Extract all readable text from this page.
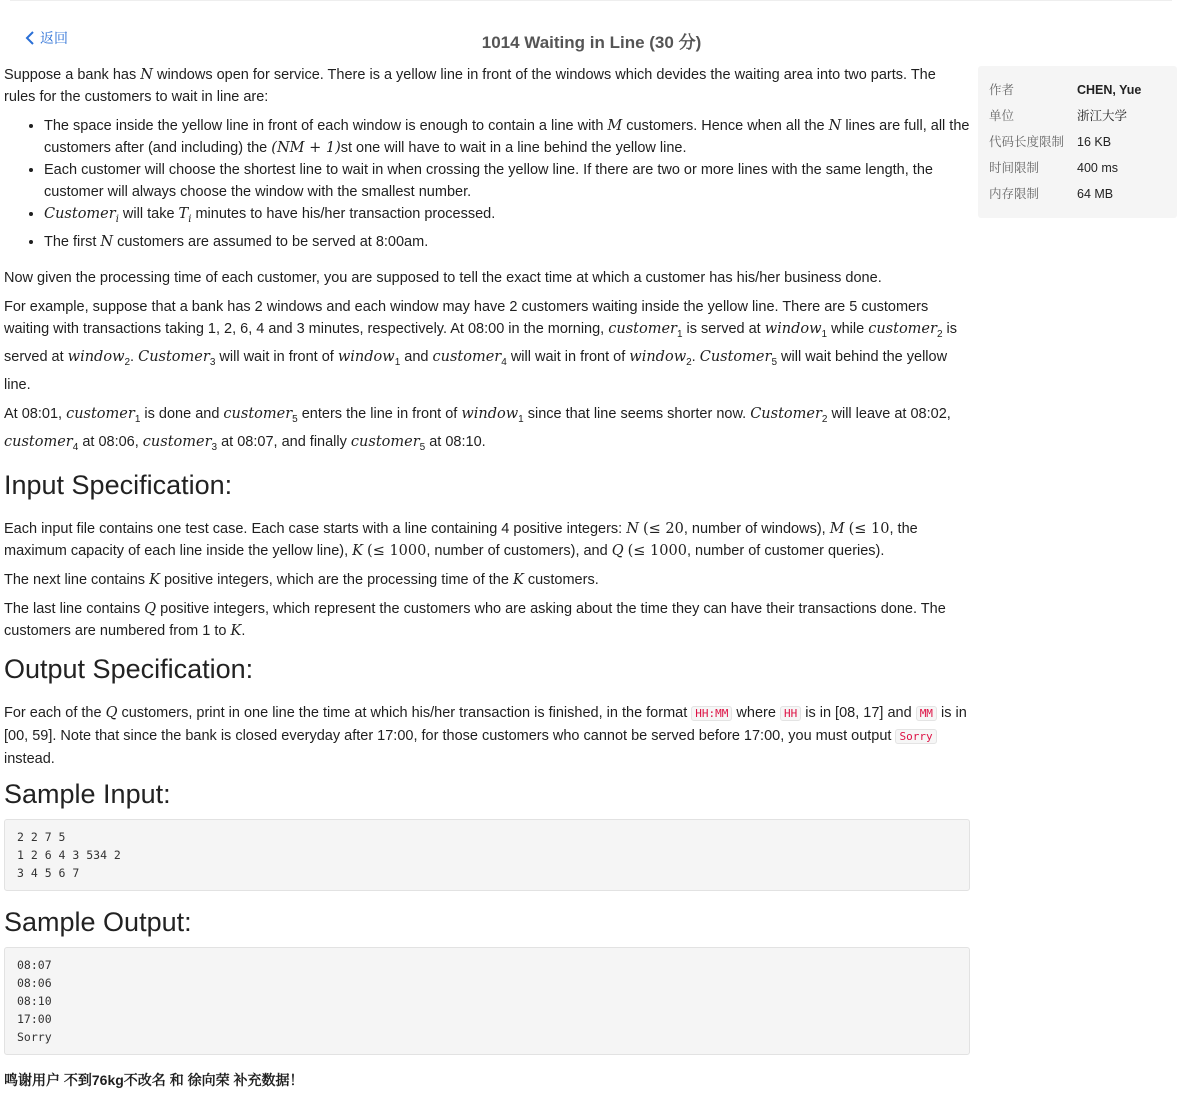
返回	1014 Waiting in Line (30 分)
作者	CHEN, Yue
单位	浙江大学
代码长度限制 16 KB
时间限制	400 ms
内存限制	64 MB

Suppose a bank has N windows open for service. There is a yellow line in front of the windows which devides the waiting area into two parts. The rules for the customers to wait in line are:

• The space inside the yellow line in front of each window is enough to contain a line with M customers. Hence when all the N lines are full, all the customers after (and including) the (NM + 1)st one will have to wait in a line behind the yellow line.
• Each customer will choose the shortest line to wait in when crossing the yellow line. If there are two or more lines with the same length, the customer will always choose the window with the smallest number.
• Customer$_i$ will take $T_i$ minutes to have his/her transaction processed.
• The first N customers are assumed to be served at 8:00am.

Now given the processing time of each customer, you are supposed to tell the exact time at which a customer has his/her business done.

For example, suppose that a bank has 2 windows and each window may have 2 customers waiting inside the yellow line. There are 5 customers waiting with transactions taking 1, 2, 6, 4 and 3 minutes, respectively. At 08:00 in the morning, customer$_1$ is served at window$_1$ while customer$_2$ is served at window$_2$. Customer$_3$ will wait in front of window$_1$ and customer$_4$ will wait in front of window$_2$. Customer$_5$ will wait behind the yellow line.

At 08:01, customer$_1$ is done and customer$_5$ enters the line in front of window$_1$ since that line seems shorter now. Customer$_2$ will leave at 08:02, customer$_4$ at 08:06, customer$_3$ at 08:07, and finally customer$_5$ at 08:10.

Input Specification:

Each input file contains one test case. Each case starts with a line containing 4 positive integers: N (≤ 20, number of windows), M (≤ 10, the maximum capacity of each line inside the yellow line), K (≤ 1000, number of customers), and Q (≤ 1000, number of customer queries).

The next line contains K positive integers, which are the processing time of the K customers.

The last line contains Q positive integers, which represent the customers who are asking about the time they can have their transactions done. The customers are numbered from 1 to K.

Output Specification:

For each of the Q customers, print in one line the time at which his/her transaction is finished, in the format HH:MM where HH is in [08, 17] and MM is in [00, 59]. Note that since the bank is closed everyday after 17:00, for those customers who cannot be served before 17:00, you must output Sorry instead.

Sample Input:
2 2 7 5
1 2 6 4 3 534 2
3 4 5 6 7
Sample Output:
08:07
08:06
08:10
17:00
Sorry
鸣谢用户 不到76kg不改名 和 徐向荣 补充数据！
